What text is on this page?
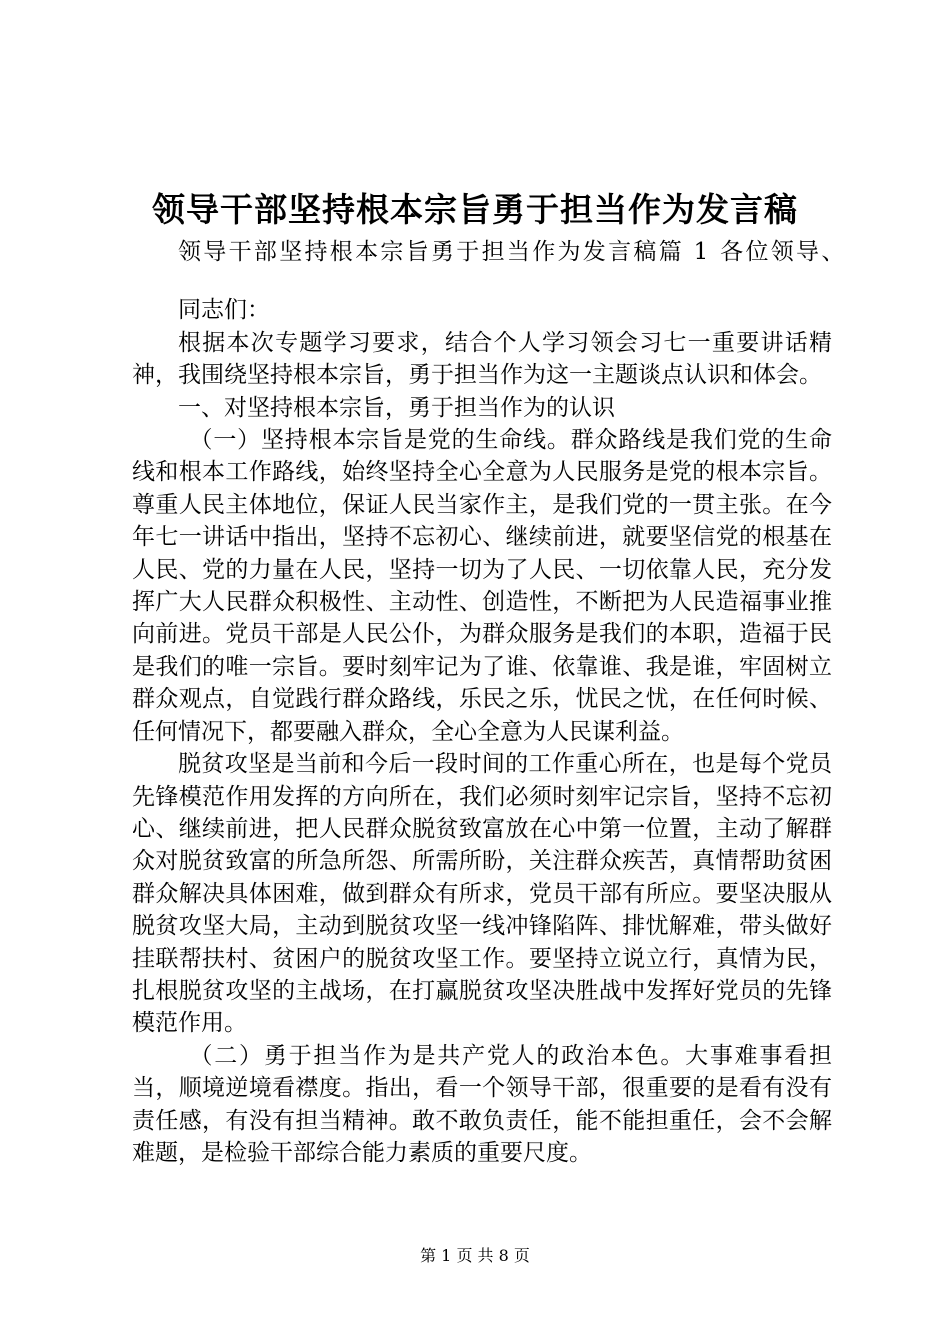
领导干部坚持根本宗旨勇于担当作为发言稿

领导干部坚持根本宗旨勇于担当作为发言稿篇 1 各位领导、

同志们：

根据本次专题学习要求，结合个人学习领会习七一重要讲话精神，我围绕坚持根本宗旨，勇于担当作为这一主题谈点认识和体会。

一、对坚持根本宗旨，勇于担当作为的认识

（一）坚持根本宗旨是党的生命线。群众路线是我们党的生命线和根本工作路线，始终坚持全心全意为人民服务是党的根本宗旨。尊重人民主体地位，保证人民当家作主，是我们党的一贯主张。在今年七一讲话中指出，坚持不忘初心、继续前进，就要坚信党的根基在人民、党的力量在人民，坚持一切为了人民、一切依靠人民，充分发挥广大人民群众积极性、主动性、创造性，不断把为人民造福事业推向前进。党员干部是人民公仆，为群众服务是我们的本职，造福于民是我们的唯一宗旨。要时刻牢记为了谁、依靠谁、我是谁，牢固树立群众观点，自觉践行群众路线，乐民之乐，忧民之忧，在任何时候、任何情况下，都要融入群众，全心全意为人民谋利益。

脱贫攻坚是当前和今后一段时间的工作重心所在，也是每个党员先锋模范作用发挥的方向所在，我们必须时刻牢记宗旨，坚持不忘初心、继续前进，把人民群众脱贫致富放在心中第一位置，主动了解群众对脱贫致富的所急所怨、所需所盼，关注群众疾苦，真情帮助贫困群众解决具体困难，做到群众有所求，党员干部有所应。要坚决服从脱贫攻坚大局，主动到脱贫攻坚一线冲锋陷阵、排忧解难，带头做好挂联帮扶村、贫困户的脱贫攻坚工作。要坚持立说立行，真情为民，扎根脱贫攻坚的主战场，在打赢脱贫攻坚决胜战中发挥好党员的先锋模范作用。

（二）勇于担当作为是共产党人的政治本色。大事难事看担当，顺境逆境看襟度。指出，看一个领导干部，很重要的是看有没有责任感，有没有担当精神。敢不敢负责任，能不能担重任，会不会解难题，是检验干部综合能力素质的重要尺度。

第 1 页 共 8 页
